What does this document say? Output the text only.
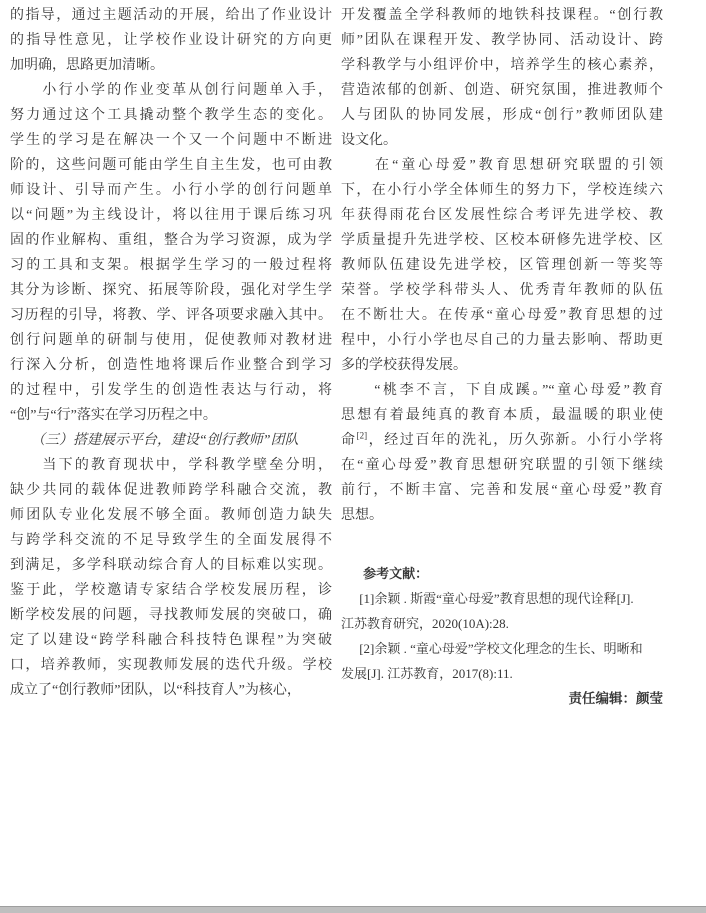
的指导，通过主题活动的开展，给出了作业设计
的指导性意见，让学校作业设计研究的方向更
加明确，思路更加清晰。
　　小行小学的作业变革从创行问题单入手，
努力通过这个工具撬动整个教学生态的变化。
学生的学习是在解决一个又一个问题中不断进
阶的，这些问题可能由学生自主生发，也可由教
师设计、引导而产生。小行小学的创行问题单
以“问题”为主线设计，将以往用于课后练习巩
固的作业解构、重组，整合为学习资源，成为学
习的工具和支架。根据学生学习的一般过程将
其分为诊断、探究、拓展等阶段，强化对学生学
习历程的引导，将教、学、评各项要求融入其中。
创行问题单的研制与使用，促使教师对教材进
行深入分析，创造性地将课后作业整合到学习
的过程中，引发学生的创造性表达与行动，将
“创”与“行”落实在学习历程之中。
　　（三）搭建展示平台，建设“创行教师”团队
　　当下的教育现状中，学科教学壁垒分明，
缺少共同的载体促进教师跨学科融合交流，教
师团队专业化发展不够全面。教师创造力缺失
与跨学科交流的不足导致学生的全面发展得不
到满足，多学科联动综合育人的目标难以实现。
鉴于此，学校邀请专家结合学校发展历程，诊
断学校发展的问题，寻找教师发展的突破口，确
定了以建设“跨学科融合科技特色课程”为突破
口，培养教师，实现教师发展的迭代升级。学校
成立了“创行教师”团队，以“科技育人”为核心，
开发覆盖全学科教师的地铁科技课程。“创行教
师”团队在课程开发、教学协同、活动设计、跨
学科教学与小组评价中，培养学生的核心素养，
营造浓郁的创新、创造、研究氛围，推进教师个
人与团队的协同发展，形成“创行”教师团队建
设文化。
　　在“童心母爱”教育思想研究联盟的引领
下，在小行小学全体师生的努力下，学校连续六
年获得雨花台区发展性综合考评先进学校、教
学质量提升先进学校、区校本研修先进学校、区
教师队伍建设先进学校，区管理创新一等奖等
荣誉。学校学科带头人、优秀青年教师的队伍
在不断壮大。在传承“童心母爱”教育思想的过
程中，小行小学也尽自己的力量去影响、帮助更
多的学校获得发展。
　　“桃李不言，下自成蹊。”“童心母爱”教育
思想有着最纯真的教育本质，最温暖的职业使
命[2]，经过百年的洗礼，历久弥新。小行小学将
在“童心母爱”教育思想研究联盟的引领下继续
前行，不断丰富、完善和发展“童心母爱”教育
思想。
参考文献：
[1]余颖 . 斯霞“童心母爱”教育思想的现代诠释[J].
江苏教育研究，2020(10A):28.
[2]余颖 . “童心母爱”学校文化理念的生长、明晰和
发展[J]. 江苏教育，2017(8):11.
责任编辑：颜莹
